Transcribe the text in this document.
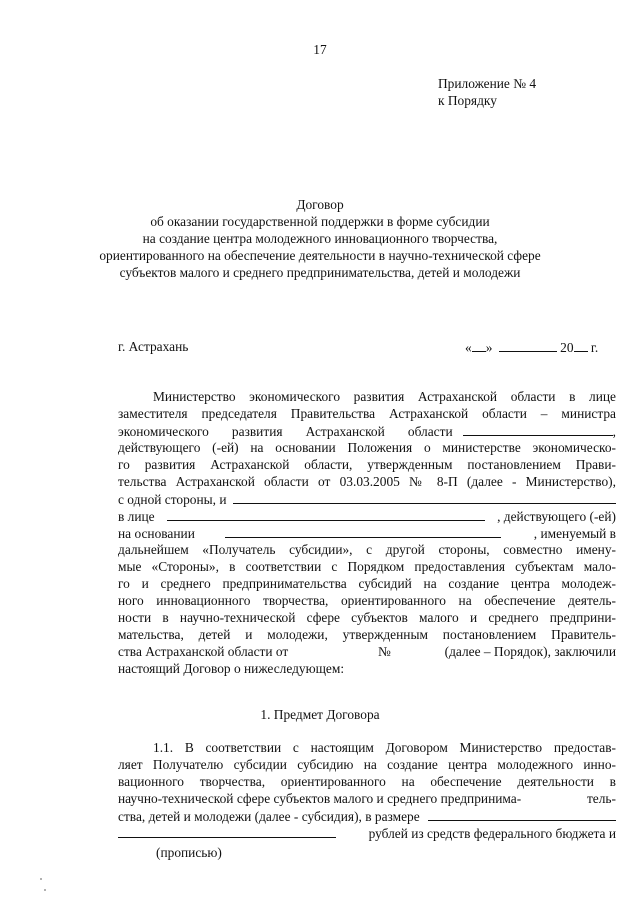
17
Приложение № 4
к Порядку
Договор
об оказании государственной поддержки в форме субсидии
на создание центра молодежного инновационного творчества,
ориентированного на обеспечение деятельности в научно-технической сфере
субъектов малого и среднего предпринимательства, детей и молодежи
г. Астрахань	« »	20 г.
Министерство экономического развития Астраханской области в лице
заместителя председателя Правительства Астраханской области – министра
экономического развития Астраханской области	,
действующего (-ей) на основании Положения о министерстве экономическо-
го развития Астраханской области, утвержденным постановлением Прави-
тельства Астраханской области от 03.03.2005 № 8-П (далее - Министерство),
с одной стороны, и
в лице	, действующего (-ей)
на основании	, именуемый в
дальнейшем «Получатель субсидии», с другой стороны, совместно имену-
мые «Стороны», в соответствии с Порядком предоставления субъектам мало-
го и среднего предпринимательства субсидий на создание центра молодеж-
ного инновационного творчества, ориентированного на обеспечение деятель-
ности в научно-технической сфере субъектов малого и среднего предприни-
мательства, детей и молодежи, утвержденным постановлением Правитель-
ства Астраханской области от	№	(далее – Порядок), заключили
настоящий Договор о нижеследующем:
1. Предмет Договора
1.1. В соответствии с настоящим Договором Министерство предостав-
ляет Получателю субсидии субсидию на создание центра молодежного инно-
вационного творчества, ориентированного на обеспечение деятельности в
научно-технической сфере субъектов малого и среднего предпринима-	тель-
ства, детей и молодежи (далее - субсидия), в размере
рублей из средств федерального бюджета и
(прописью)
